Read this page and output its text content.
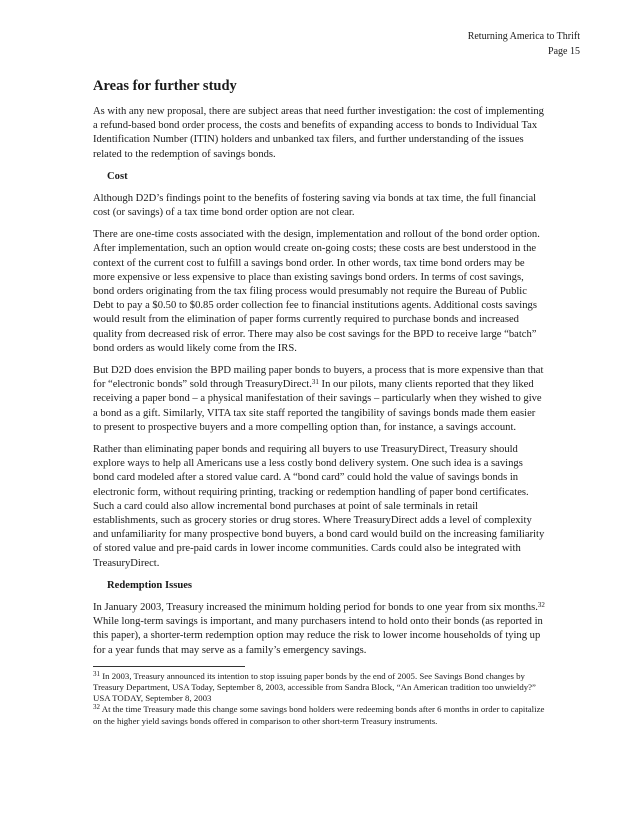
Returning America to Thrift
Page 15
Areas for further study

As with any new proposal, there are subject areas that need further investigation: the cost of implementing a refund-based bond order process, the costs and benefits of expanding access to bonds to Individual Tax Identification Number (ITIN) holders and unbanked tax filers, and further understanding of the issues related to the redemption of savings bonds.

Cost

Although D2D’s findings point to the benefits of fostering saving via bonds at tax time, the full financial cost (or savings) of a tax time bond order option are not clear.

There are one-time costs associated with the design, implementation and rollout of the bond order option. After implementation, such an option would create on-going costs; these costs are best understood in the context of the current cost to fulfill a savings bond order. In other words, tax time bond orders may be more expensive or less expensive to place than existing savings bond orders. In terms of cost savings, bond orders originating from the tax filing process would presumably not require the Bureau of Public Debt to pay a $0.50 to $0.85 order collection fee to financial institutions agents. Additional costs savings would result from the elimination of paper forms currently required to purchase bonds and increased quality from decreased risk of error. There may also be cost savings for the BPD to receive large “batch” bond orders as would likely come from the IRS.

But D2D does envision the BPD mailing paper bonds to buyers, a process that is more expensive than that for “electronic bonds” sold through TreasuryDirect.$^{31}$ In our pilots, many clients reported that they liked receiving a paper bond – a physical manifestation of their savings – particularly when they wished to give a bond as a gift. Similarly, VITA tax site staff reported the tangibility of savings bonds made them easier to present to prospective buyers and a more compelling option than, for instance, a savings account.

Rather than eliminating paper bonds and requiring all buyers to use TreasuryDirect, Treasury should explore ways to help all Americans use a less costly bond delivery system. One such idea is a savings bond card modeled after a stored value card. A “bond card” could hold the value of savings bonds in electronic form, without requiring printing, tracking or redemption handling of paper bond certificates. Such a card could also allow incremental bond purchases at point of sale terminals in retail establishments, such as grocery stories or drug stores. Where TreasuryDirect adds a level of complexity and unfamiliarity for many prospective bond buyers, a bond card would build on the increasing familiarity of stored value and pre-paid cards in lower income communities. Cards could also be integrated with TreasuryDirect.

Redemption Issues

In January 2003, Treasury increased the minimum holding period for bonds to one year from six months.$^{32}$ While long-term savings is important, and many purchasers intend to hold onto their bonds (as reported in this paper), a shorter-term redemption option may reduce the risk to lower income households of tying up for a year funds that may serve as a family’s emergency savings.

$^{31}$ In 2003, Treasury announced its intention to stop issuing paper bonds by the end of 2005. See Savings Bond changes by Treasury Department, USA Today, September 8, 2003, accessible from Sandra Block, “An American tradition too unwieldy?” USA TODAY, September 8, 2003

$^{32}$ At the time Treasury made this change some savings bond holders were redeeming bonds after 6 months in order to capitalize on the higher yield savings bonds offered in comparison to other short-term Treasury instruments.
